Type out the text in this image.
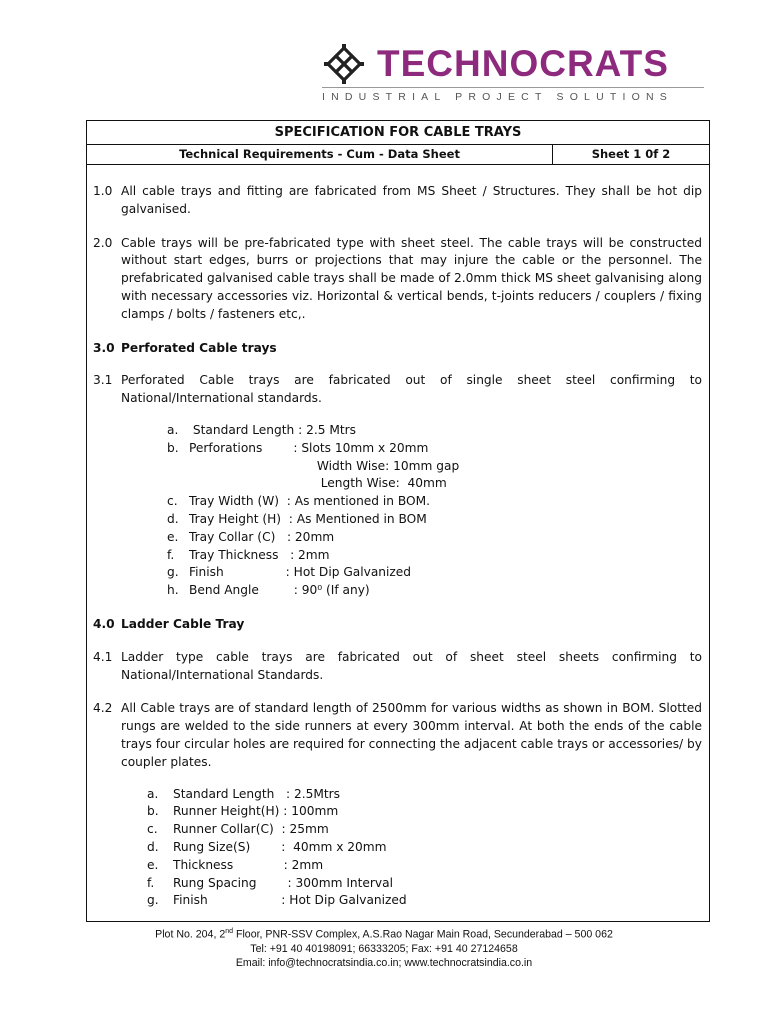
TECHNOCRATS
INDUSTRIAL PROJECT SOLUTIONS
SPECIFICATION FOR CABLE TRAYS
Technical Requirements - Cum - Data Sheet	Sheet 1 0f 2
1.0 All cable trays and fitting are fabricated from MS Sheet / Structures. They shall be hot dip galvanised.
2.0 Cable trays will be pre-fabricated type with sheet steel. The cable trays will be constructed without start edges, burrs or projections that may injure the cable or the personnel. The prefabricated galvanised cable trays shall be made of 2.0mm thick MS sheet galvanising along with necessary accessories viz. Horizontal & vertical bends, t-joints reducers / couplers / fixing clamps / bolts / fasteners etc,.
3.0 Perforated Cable trays
3.1 Perforated Cable trays are fabricated out of single sheet steel confirming to National/International standards.
a. Standard Length : 2.5 Mtrs
b. Perforations        : Slots 10mm x 20mm
Width Wise: 10mm gap
Length Wise:  40mm
c. Tray Width (W)  : As mentioned in BOM.
d. Tray Height (H)  : As Mentioned in BOM
e. Tray Collar (C)   : 20mm
f.	Tray Thickness   : 2mm
g. Finish                : Hot Dip Galvanized
h. Bend Angle         : 90⁰ (If any)
4.0 Ladder Cable Tray
4.1 Ladder type cable trays are fabricated out of sheet steel sheets confirming to National/International Standards.
4.2 All Cable trays are of standard length of 2500mm for various widths as shown in BOM. Slotted rungs are welded to the side runners at every 300mm interval. At both the ends of the cable trays four circular holes are required for connecting the adjacent cable trays or accessories/ by coupler plates.
a.	Standard Length   : 2.5Mtrs
b.	Runner Height(H) : 100mm
c.	Runner Collar(C)  : 25mm
d.	Rung Size(S)        :  40mm x 20mm
e.	Thickness             : 2mm
f.	Rung Spacing        : 300mm Interval
g.	Finish                   : Hot Dip Galvanized
Plot No. 204, 2nd Floor, PNR-SSV Complex, A.S.Rao Nagar Main Road, Secunderabad – 500 062
Tel: +91 40 40198091; 66333205; Fax: +91 40 27124658
Email: info@technocratsindia.co.in; www.technocratsindia.co.in
